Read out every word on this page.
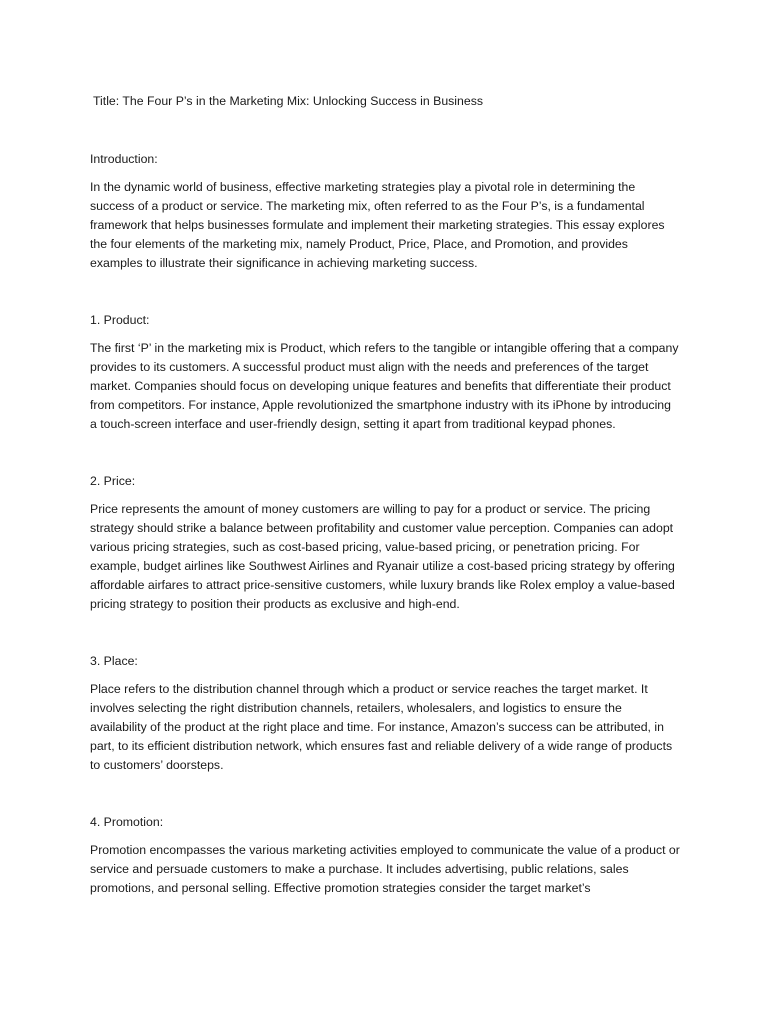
Title: The Four P’s in the Marketing Mix: Unlocking Success in Business

Introduction:

In the dynamic world of business, effective marketing strategies play a pivotal role in determining the success of a product or service. The marketing mix, often referred to as the Four P’s, is a fundamental framework that helps businesses formulate and implement their marketing strategies. This essay explores the four elements of the marketing mix, namely Product, Price, Place, and Promotion, and provides examples to illustrate their significance in achieving marketing success.

1. Product:

The first ‘P’ in the marketing mix is Product, which refers to the tangible or intangible offering that a company provides to its customers. A successful product must align with the needs and preferences of the target market. Companies should focus on developing unique features and benefits that differentiate their product from competitors. For instance, Apple revolutionized the smartphone industry with its iPhone by introducing a touch-screen interface and user-friendly design, setting it apart from traditional keypad phones.

2. Price:

Price represents the amount of money customers are willing to pay for a product or service. The pricing strategy should strike a balance between profitability and customer value perception. Companies can adopt various pricing strategies, such as cost-based pricing, value-based pricing, or penetration pricing. For example, budget airlines like Southwest Airlines and Ryanair utilize a cost-based pricing strategy by offering affordable airfares to attract price-sensitive customers, while luxury brands like Rolex employ a value-based pricing strategy to position their products as exclusive and high-end.

3. Place:

Place refers to the distribution channel through which a product or service reaches the target market. It involves selecting the right distribution channels, retailers, wholesalers, and logistics to ensure the availability of the product at the right place and time. For instance, Amazon’s success can be attributed, in part, to its efficient distribution network, which ensures fast and reliable delivery of a wide range of products to customers’ doorsteps.

4. Promotion:

Promotion encompasses the various marketing activities employed to communicate the value of a product or service and persuade customers to make a purchase. It includes advertising, public relations, sales promotions, and personal selling. Effective promotion strategies consider the target market’s
